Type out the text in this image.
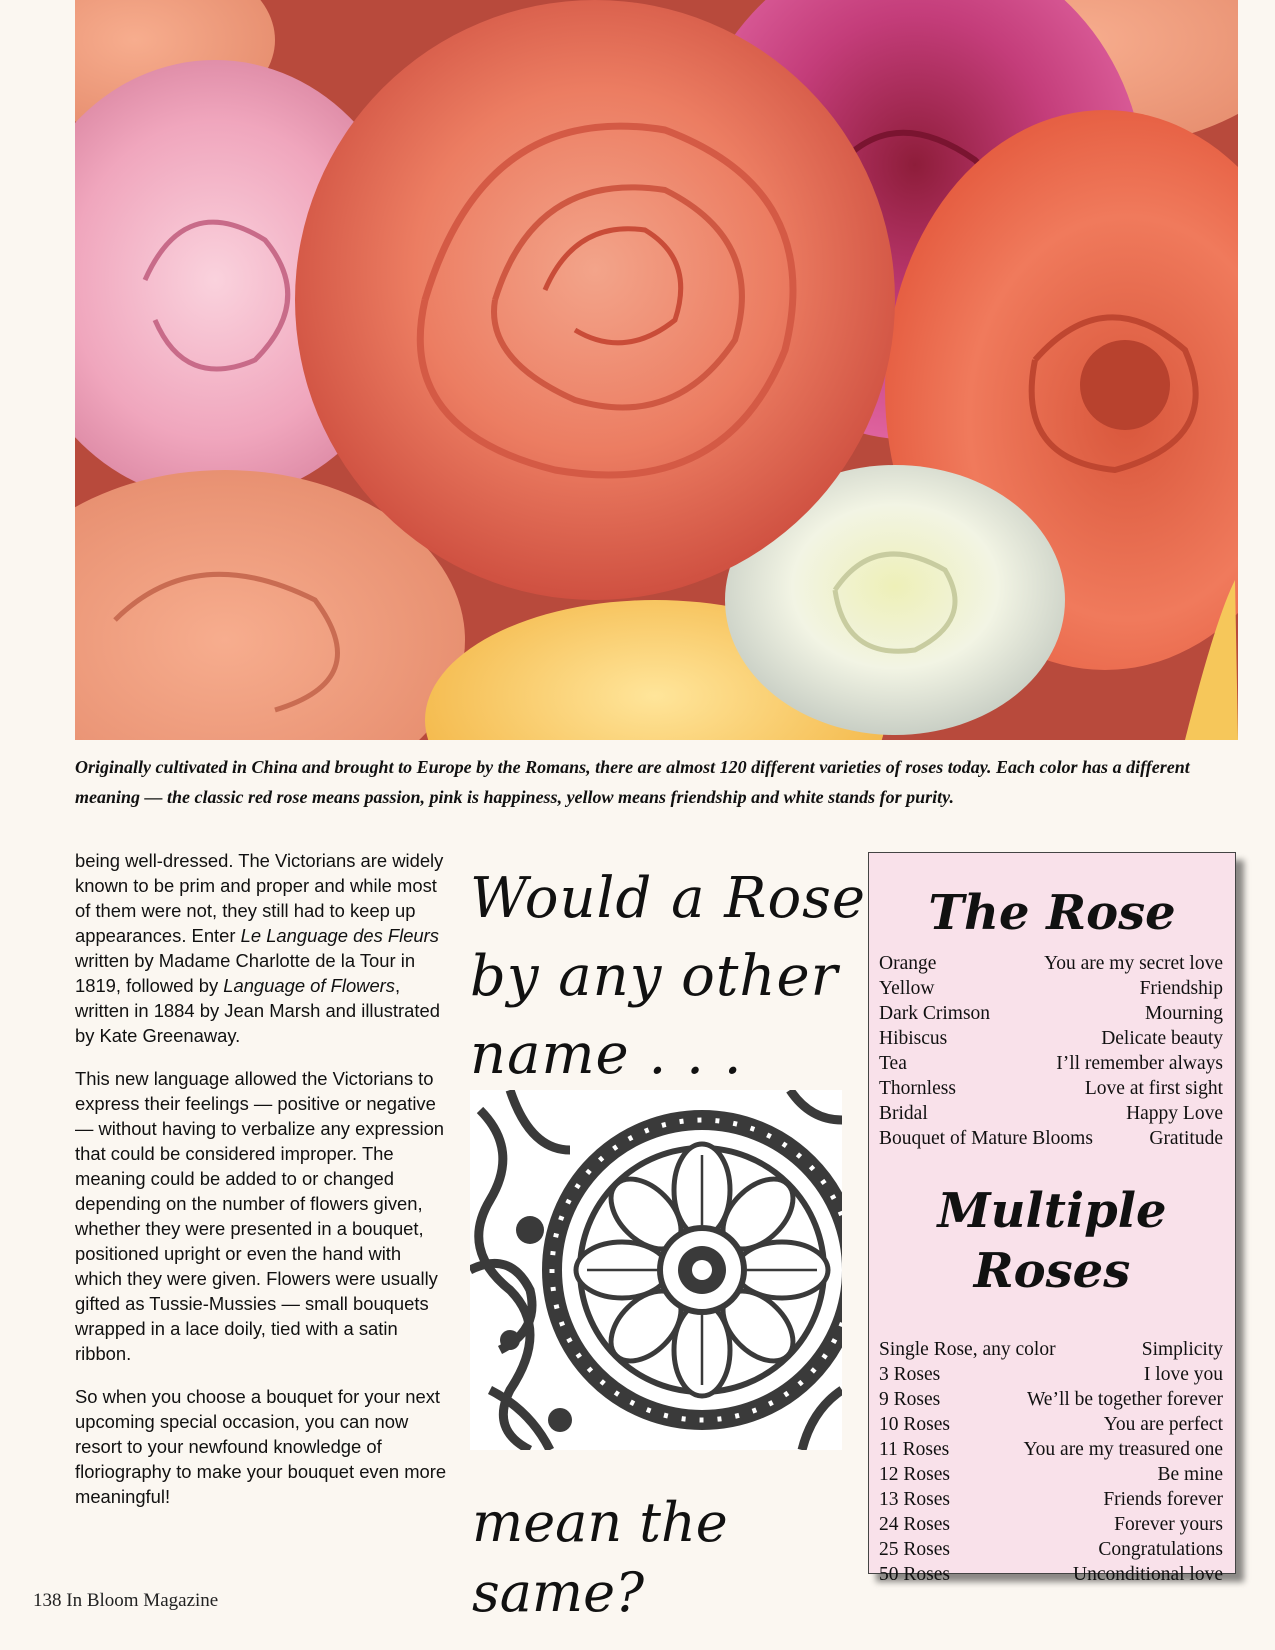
Originally cultivated in China and brought to Europe by the Romans, there are almost 120 different varieties of roses today. Each color has a different meaning — the classic red rose means passion, pink is happiness, yellow means friendship and white stands for purity.

being well-dressed. The Victorians are widely known to be prim and proper and while most of them were not, they still had to keep up appearances. Enter Le Language des Fleurs written by Madame Charlotte de la Tour in 1819, followed by Language of Flowers, written in 1884 by Jean Marsh and illustrated by Kate Greenaway.

This new language allowed the Victorians to express their feelings — positive or negative — without having to verbalize any expression that could be considered improper. The meaning could be added to or changed depending on the number of flowers given, whether they were presented in a bouquet, positioned upright or even the hand with which they were given. Flowers were usually gifted as Tussie-Mussies — small bouquets wrapped in a lace doily, tied with a satin ribbon.

So when you choose a bouquet for your next upcoming special occasion, you can now resort to your newfound knowledge of floriography to make your bouquet even more meaningful!

Would a Rose
by any other
name . . .
mean the same?
The Rose
Orange	You are my secret love
Yellow	Friendship
Dark Crimson	Mourning
Hibiscus	Delicate beauty
Tea	I’ll remember always
Thornless	Love at first sight
Bridal	Happy Love
Bouquet of Mature Blooms	Gratitude
Multiple Roses
Single Rose, any color	Simplicity
3 Roses	I love you
9 Roses	We’ll be together forever
10 Roses	You are perfect
11 Roses	You are my treasured one
12 Roses	Be mine
13 Roses	Friends forever
24 Roses	Forever yours
25 Roses	Congratulations
50 Roses	Unconditional love

138 In Bloom Magazine
